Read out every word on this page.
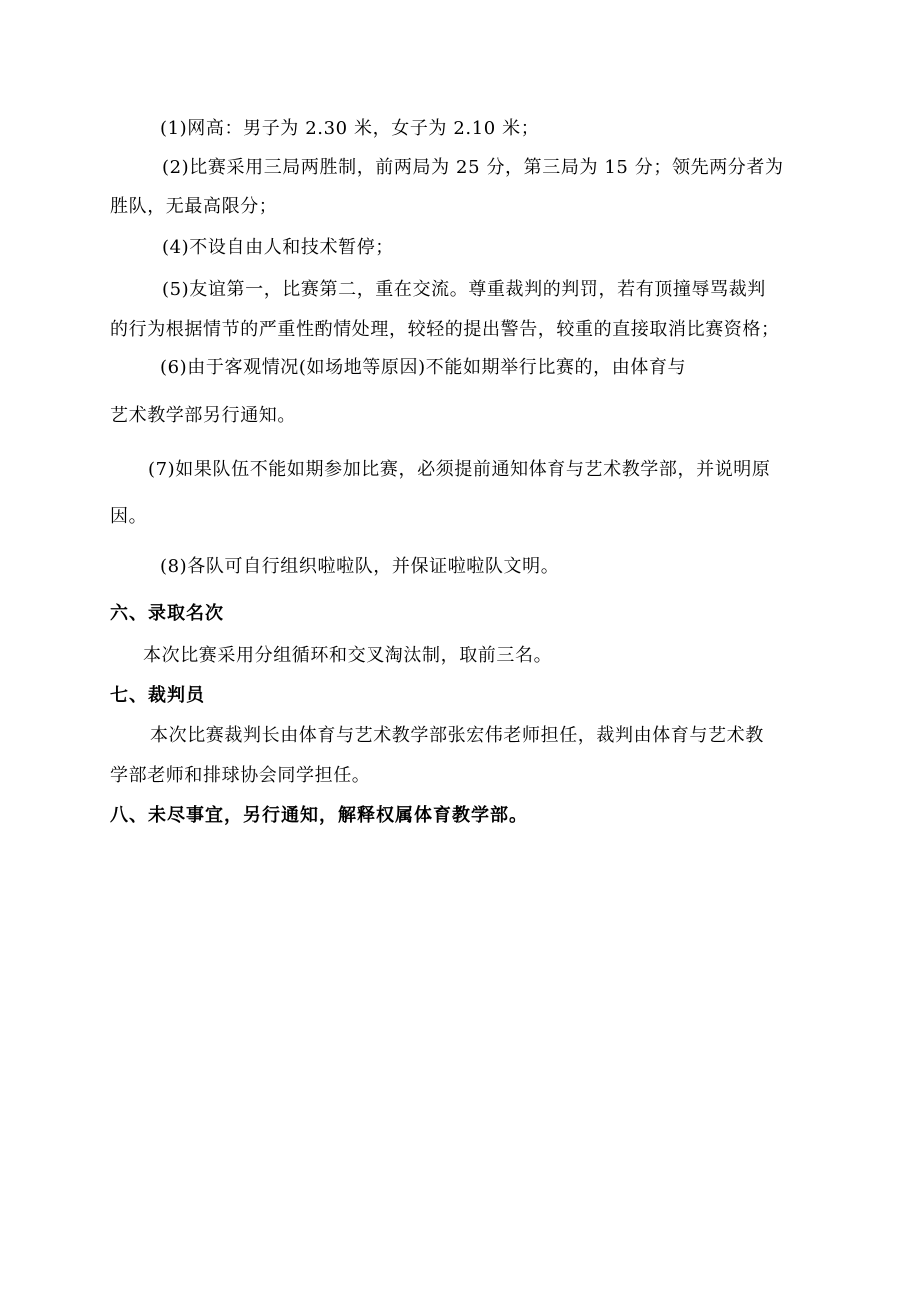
(1)网高：男子为 2.30 米，女子为 2.10 米；
(2)比赛采用三局两胜制，前两局为 25 分，第三局为 15 分；领先两分者为
胜队，无最高限分；
(4)不设自由人和技术暂停；
(5)友谊第一，比赛第二，重在交流。尊重裁判的判罚，若有顶撞辱骂裁判
的行为根据情节的严重性酌情处理，较轻的提出警告，较重的直接取消比赛资格；
(6)由于客观情况(如场地等原因)不能如期举行比赛的，由体育与
艺术教学部另行通知。
(7)如果队伍不能如期参加比赛，必须提前通知体育与艺术教学部，并说明原
因。
(8)各队可自行组织啦啦队，并保证啦啦队文明。
六、录取名次
本次比赛采用分组循环和交叉淘汰制，取前三名。
七、裁判员
本次比赛裁判长由体育与艺术教学部张宏伟老师担任，裁判由体育与艺术教
学部老师和排球协会同学担任。
八、未尽事宜，另行通知，解释权属体育教学部。
